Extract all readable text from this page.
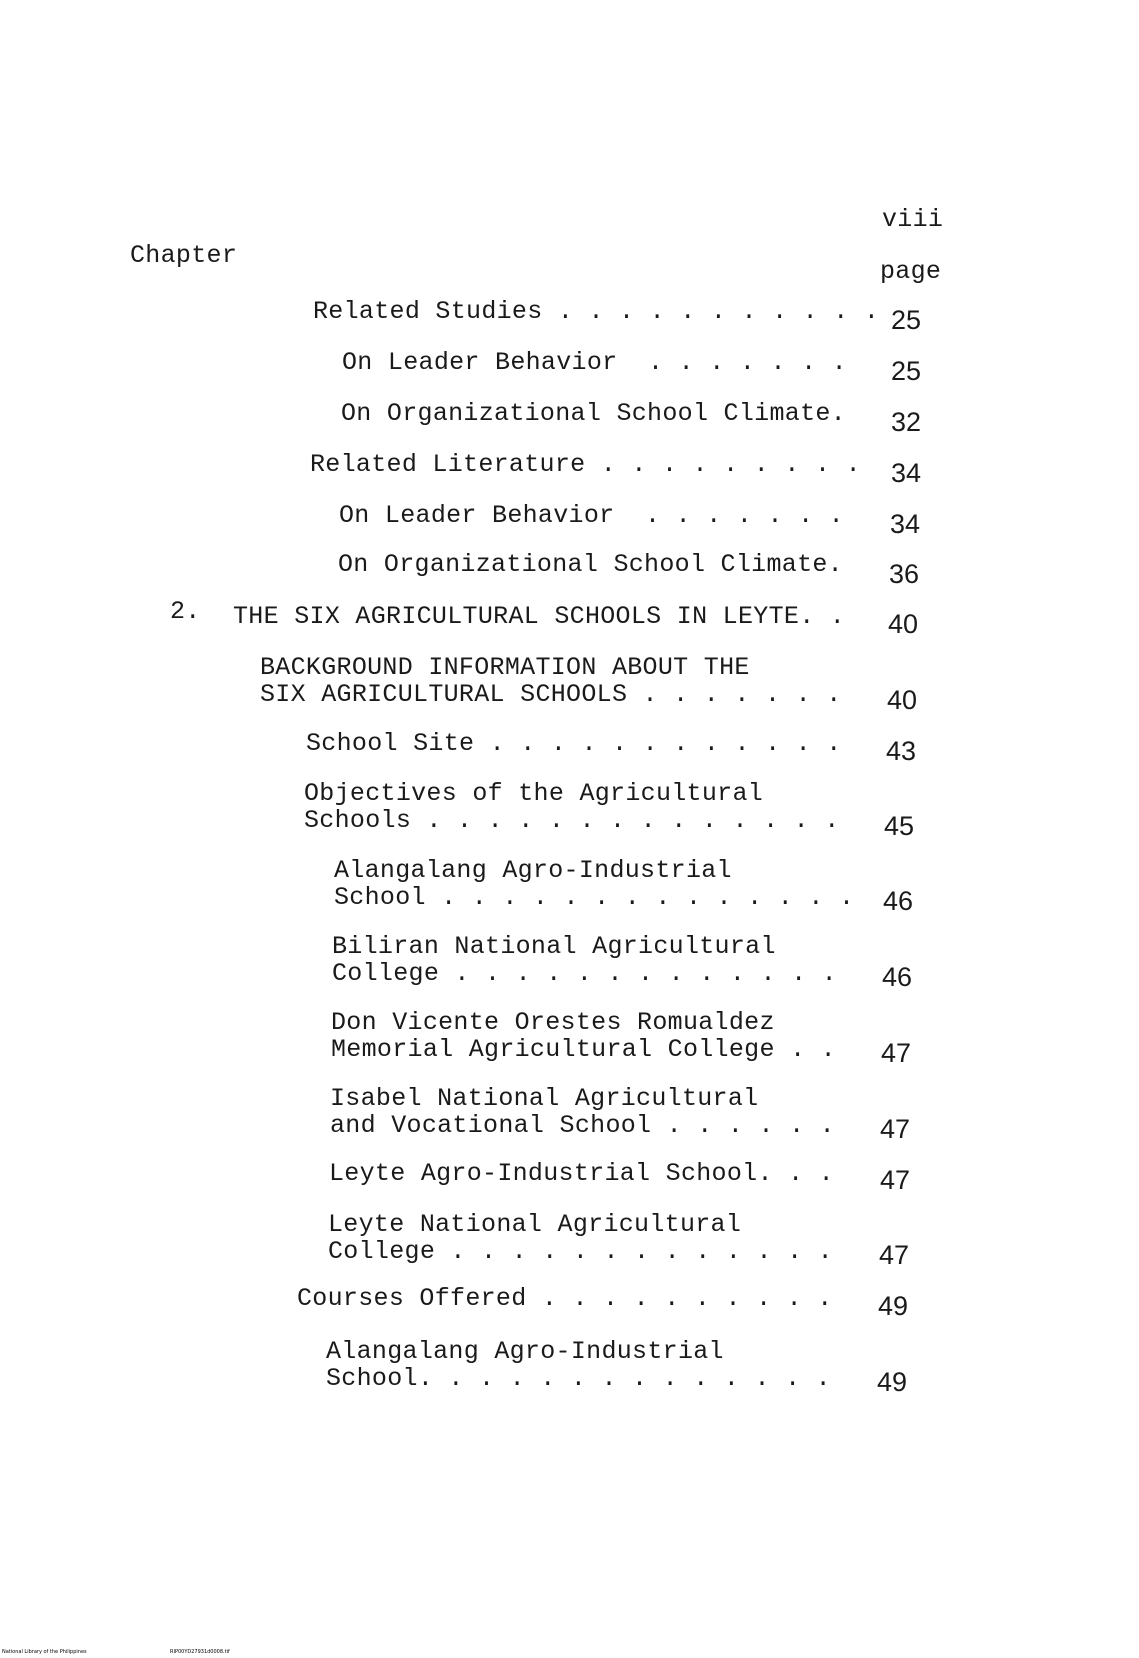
viii
Chapter
page
Related Studies . . . . . . . . . . . 25
On Leader Behavior  . . . . . . .	25
On Organizational School Climate.	32
Related Literature . . . . . . . . .	34
On Leader Behavior  . . . . . . .	34
On Organizational School Climate.	36
2. THE SIX AGRICULTURAL SCHOOLS IN LEYTE. .	40
BACKGROUND INFORMATION ABOUT THE
SIX AGRICULTURAL SCHOOLS . . . . . . .	40
School Site . . . . . . . . . . . .	43
Objectives of the Agricultural
Schools . . . . . . . . . . . . . .	45
Alangalang Agro-Industrial
School . . . . . . . . . . . . . .	46
Biliran National Agricultural
College . . . . . . . . . . . . .	46
Don Vicente Orestes Romualdez
Memorial Agricultural College . .	47
Isabel National Agricultural
and Vocational School . . . . . .	47
Leyte Agro-Industrial School. . .	47
Leyte National Agricultural
College . . . . . . . . . . . . .	47
Courses Offered . . . . . . . . . .	49
Alangalang Agro-Industrial
School. . . . . . . . . . . . . .	49
National Library of the Philippines	RIP00YD27931d0008.tif
